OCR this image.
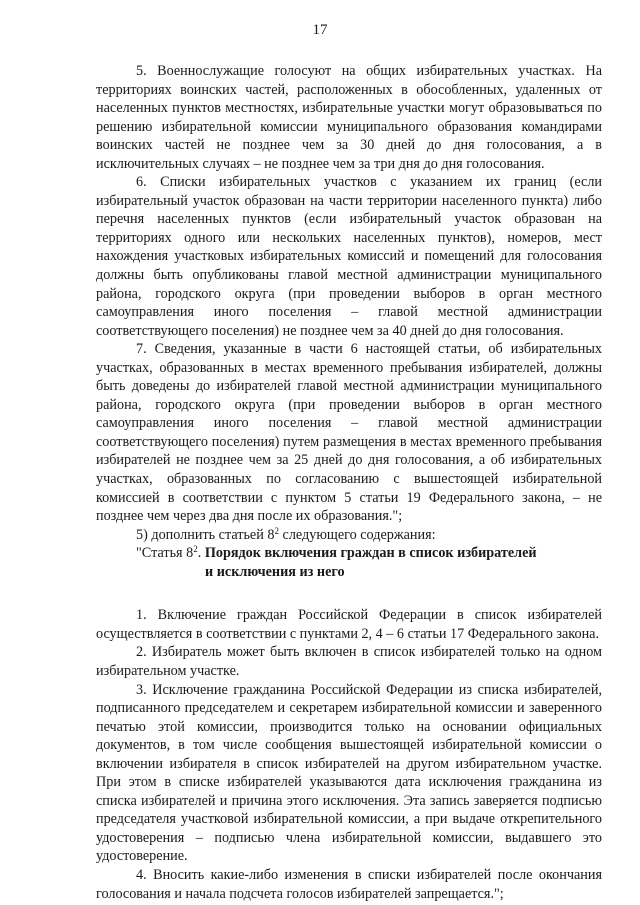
17

5. Военнослужащие голосуют на общих избирательных участках. На территориях воинских частей, расположенных в обособленных, удаленных от населенных пунктов местностях, избирательные участки могут образовываться по решению избирательной комиссии муниципального образования командирами воинских частей не позднее чем за 30 дней до дня голосования, а в исключительных случаях – не позднее чем за три дня до дня голосования.

6. Списки избирательных участков с указанием их границ (если избирательный участок образован на части территории населенного пункта) либо перечня населенных пунктов (если избирательный участок образован на территориях одного или нескольких населенных пунктов), номеров, мест нахождения участковых избирательных комиссий и помещений для голосования должны быть опубликованы главой местной администрации муниципального района, городского округа (при проведении выборов в орган местного самоуправления иного поселения – главой местной администрации соответствующего поселения) не позднее чем за 40 дней до дня голосования.

7. Сведения, указанные в части 6 настоящей статьи, об избирательных участках, образованных в местах временного пребывания избирателей, должны быть доведены до избирателей главой местной администрации муниципального района, городского округа (при проведении выборов в орган местного самоуправления иного поселения – главой местной администрации соответствующего поселения) путем размещения в местах временного пребывания избирателей не позднее чем за 25 дней до дня голосования, а об избирательных участках, образованных по согласованию с вышестоящей избирательной комиссией в соответствии с пунктом 5 статьи 19 Федерального закона, – не позднее чем через два дня после их образования.";

5) дополнить статьей $8^2$ следующего содержания:

"Статья $8^2$. Порядок включения граждан в список избирателей
и исключения из него

1. Включение граждан Российской Федерации в список избирателей осуществляется в соответствии с пунктами 2, 4 – 6 статьи 17 Федерального закона.

2. Избиратель может быть включен в список избирателей только на одном избирательном участке.

3. Исключение гражданина Российской Федерации из списка избирателей, подписанного председателем и секретарем избирательной комиссии и заверенного печатью этой комиссии, производится только на основании официальных документов, в том числе сообщения вышестоящей избирательной комиссии о включении избирателя в список избирателей на другом избирательном участке. При этом в списке избирателей указываются дата исключения гражданина из списка избирателей и причина этого исключения. Эта запись заверяется подписью председателя участковой избирательной комиссии, а при выдаче открепительного удостоверения – подписью члена избирательной комиссии, выдавшего это удостоверение.

4. Вносить какие-либо изменения в списки избирателей после окончания голосования и начала подсчета голосов избирателей запрещается.";
